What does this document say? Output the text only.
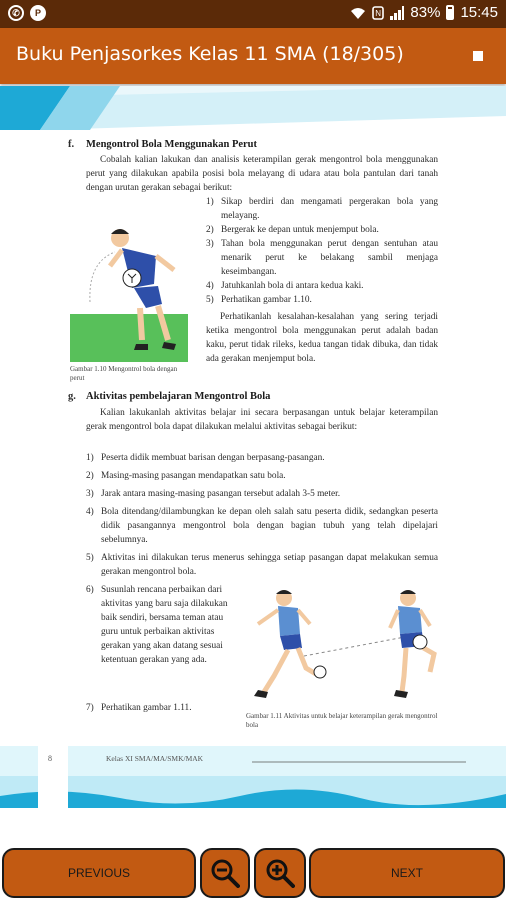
✆	P	N 83% 15:45
Buku Penjasorkes Kelas 11 SMA (18/305)
f. Mengontrol Bola Menggunakan Perut
Cobalah kalian lakukan dan analisis keterampilan gerak mengontrol bola menggunakan perut yang dilakukan apabila posisi bola melayang di udara atau bola pantulan dari tanah dengan urutan gerakan sebagai berikut:
Gambar 1.10 Mengontrol bola dengan perut
1) Sikap berdiri dan mengamati pergerakan bola yang melayang.
2) Bergerak ke depan untuk menjemput bola.
3) Tahan bola menggunakan perut dengan sentuhan atau menarik perut ke belakang sambil menjaga keseimbangan.
4) Jatuhkanlah bola di antara kedua kaki.
5) Perhatikan gambar 1.10.
Perhatikanlah kesalahan-kesalahan yang sering terjadi ketika mengontrol bola menggunakan perut adalah badan kaku, perut tidak rileks, kedua tangan tidak dibuka, dan tidak ada gerakan menjemput bola.
g. Aktivitas pembelajaran Mengontrol Bola
Kalian lakukanlah aktivitas belajar ini secara berpasangan untuk belajar keterampilan gerak mengontrol bola dapat dilakukan melalui aktivitas sebagai berikut:
1) Peserta didik membuat barisan dengan berpasang-pasangan.
2) Masing-masing pasangan mendapatkan satu bola.
3) Jarak antara masing-masing pasangan tersebut adalah 3-5 meter.
4) Bola ditendang/dilambungkan ke depan oleh salah satu peserta didik, sedangkan peserta didik pasangannya mengontrol bola dengan bagian tubuh yang telah dipelajari sebelumnya.
5) Aktivitas ini dilakukan terus menerus sehingga setiap pasangan dapat melakukan semua gerakan mengontrol bola.
6) Susunlah rencana perbaikan dari aktivitas yang baru saja dilakukan baik sendiri, bersama teman atau guru untuk perbaikan aktivitas gerakan yang akan datang sesuai ketentuan gerakan yang ada.
7) Perhatikan gambar 1.11.
Gambar 1.11 Aktivitas untuk belajar keterampilan gerak mengontrol bola
8	Kelas XI SMA/MA/SMK/MAK
PREVIOUS	NEXT
